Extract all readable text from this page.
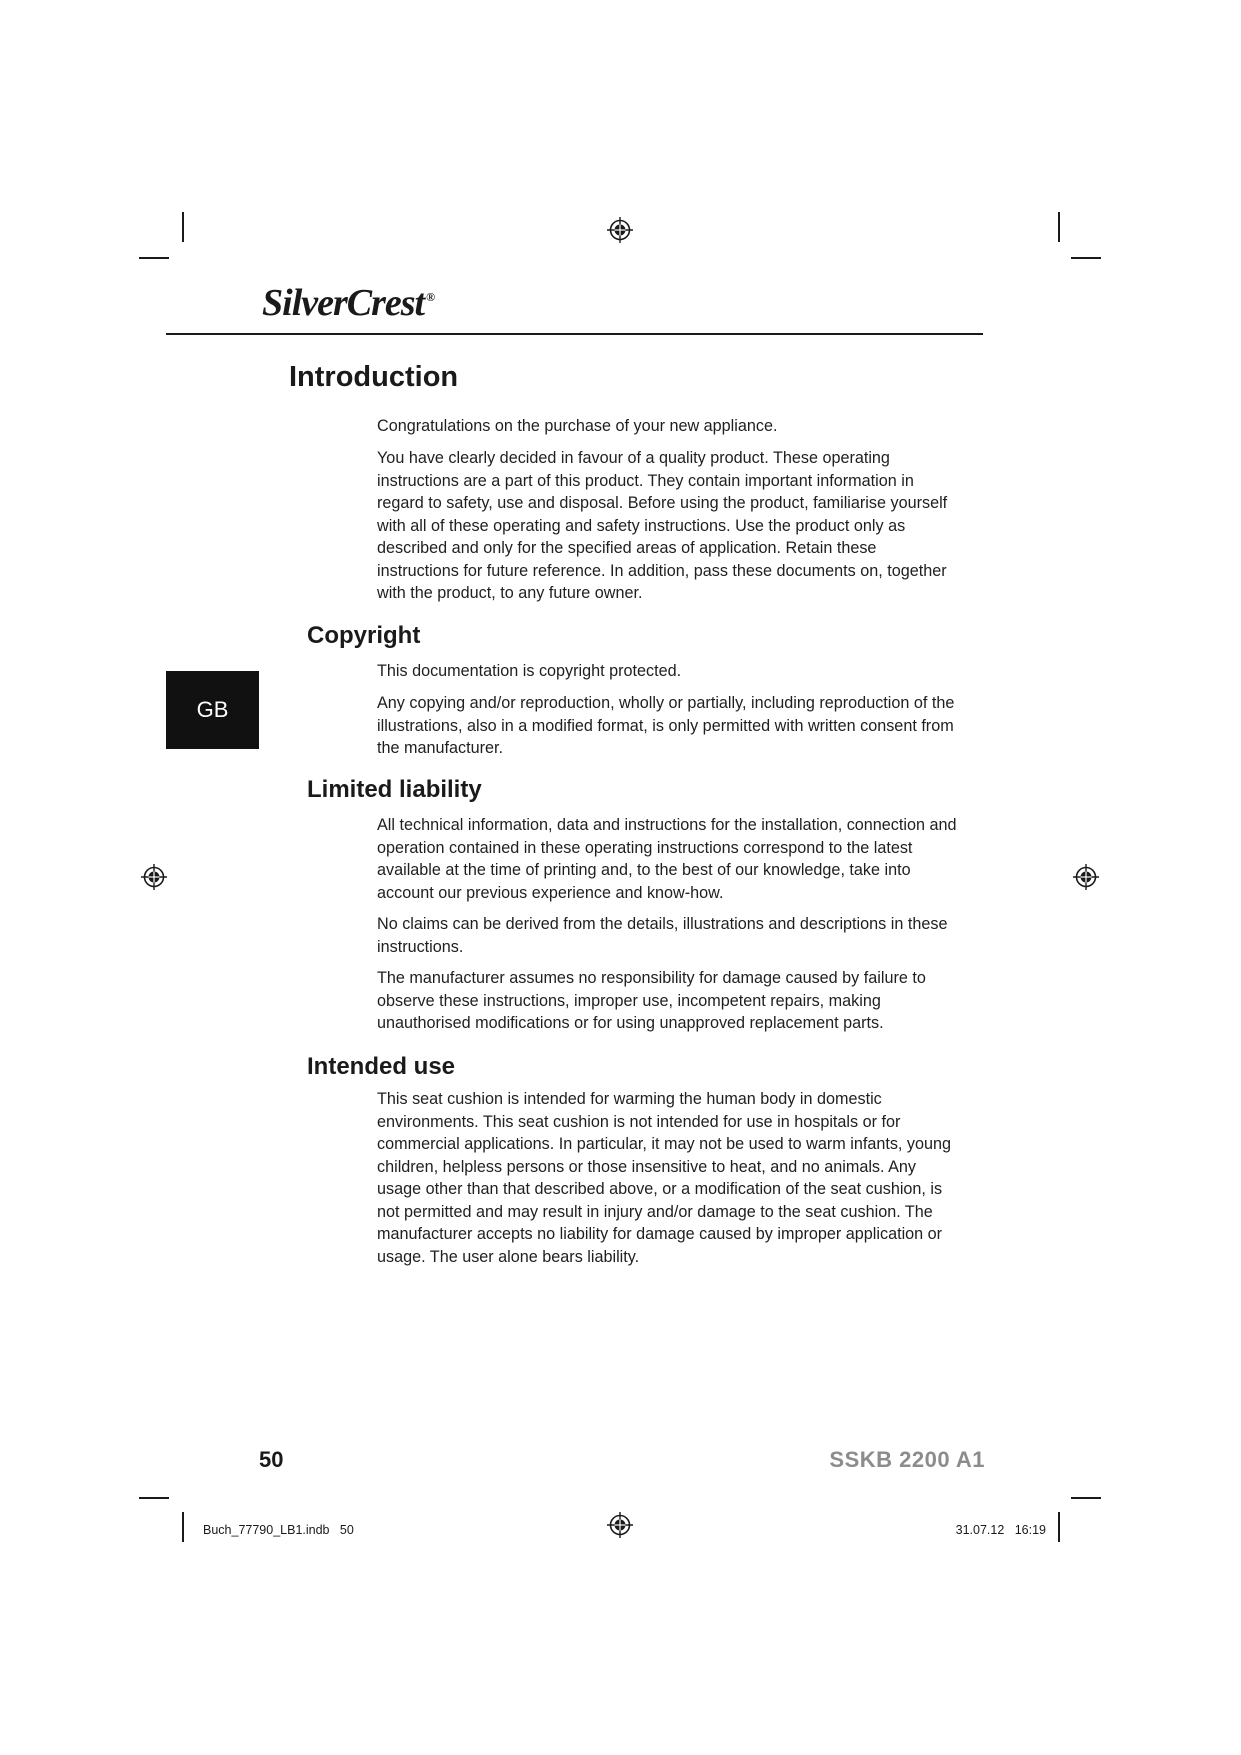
SilverCrest ®
Introduction

Congratulations on the purchase of your new appliance.

You have clearly decided in favour of a quality product. These operating instructions are a part of this product. They contain important information in regard to safety, use and disposal. Before using the product, familiarise yourself with all of these operating and safety instructions. Use the product only as described and only for the specified areas of application. Retain these instructions for future reference. In addition, pass these documents on, together with the product, to any future owner.

Copyright

This documentation is copyright protected.

Any copying and/or reproduction, wholly or partially, including reproduction of the illustrations, also in a modified format, is only permitted with written consent from the manufacturer.

GB
Limited liability

All technical information, data and instructions for the installation, connection and operation contained in these operating instructions correspond to the latest available at the time of printing and, to the best of our knowledge, take into account our previous experience and know-how.

No claims can be derived from the details, illustrations and descriptions in these instructions.

The manufacturer assumes no responsibility for damage caused by failure to observe these instructions, improper use, incompetent repairs, making unauthorised modifications or for using unapproved replacement parts.

Intended use

This seat cushion is intended for warming the human body in domestic environments. This seat cushion is not intended for use in hospitals or for commercial applications. In particular, it may not be used to warm infants, young children, helpless persons or those insensitive to heat, and no animals. Any usage other than that described above, or a modification of the seat cushion, is not permitted and may result in injury and/or damage to the seat cushion. The manufacturer accepts no liability for damage caused by improper application or usage. The user alone bears liability.

50	SSKB 2200 A1
Buch_77790_LB1.indb   50	31.07.12   16:19
